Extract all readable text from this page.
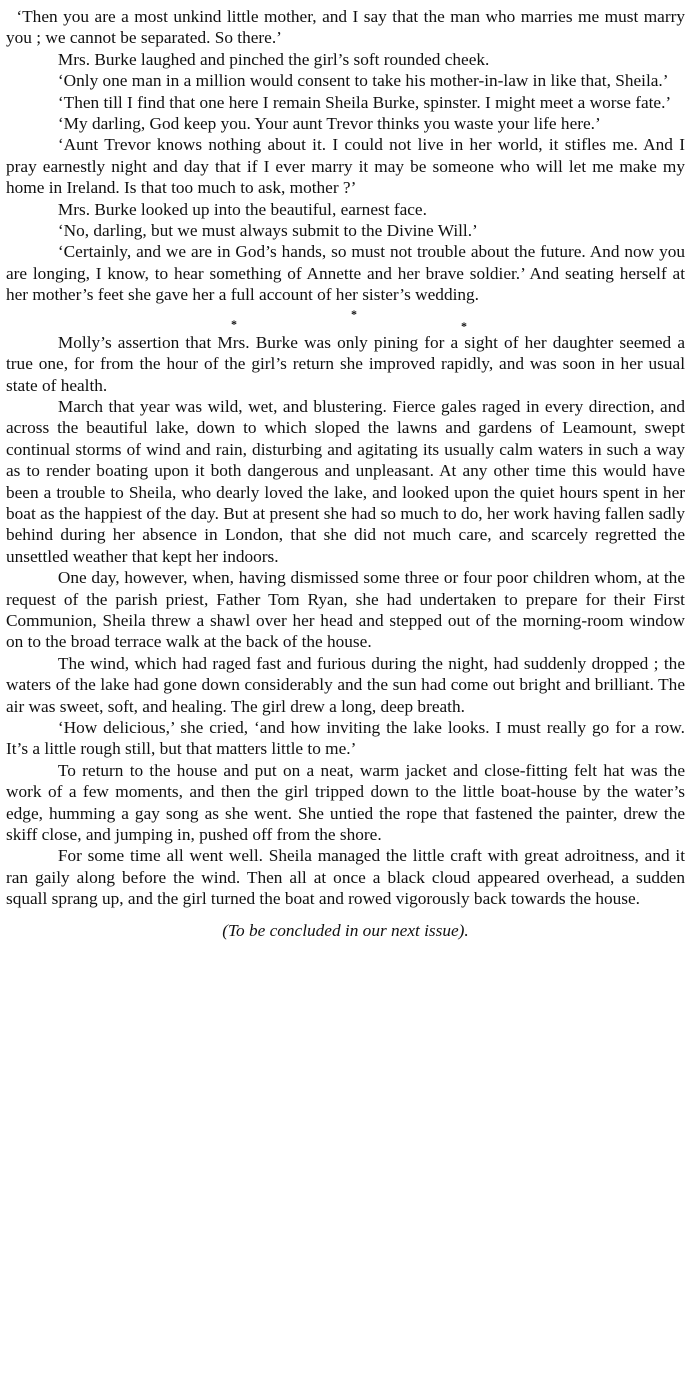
‘Then you are a most unkind little mother, and I say that the man who marries me must marry you ; we cannot be separated. So there.’

Mrs. Burke laughed and pinched the girl’s soft rounded cheek.

‘Only one man in a million would consent to take his mother-in-law in like that, Sheila.’

‘Then till I find that one here I remain Sheila Burke, spinster. I might meet a worse fate.’

‘My darling, God keep you. Your aunt Trevor thinks you waste your life here.’

‘Aunt Trevor knows nothing about it. I could not live in her world, it stifles me. And I pray earnestly night and day that if I ever marry it may be someone who will let me make my home in Ireland. Is that too much to ask, mother ?’

Mrs. Burke looked up into the beautiful, earnest face.

‘No, darling, but we must always submit to the Divine Will.’

‘Certainly, and we are in God’s hands, so must not trouble about the future. And now you are longing, I know, to hear something of Annette and her brave soldier.’ And seating herself at her mother’s feet she gave her a full account of her sister’s wedding.

*
*
*

Molly’s assertion that Mrs. Burke was only pining for a sight of her daughter seemed a true one, for from the hour of the girl’s return she improved rapidly, and was soon in her usual state of health.

March that year was wild, wet, and blustering. Fierce gales raged in every direction, and across the beautiful lake, down to which sloped the lawns and gardens of Leamount, swept continual storms of wind and rain, disturbing and agitating its usually calm waters in such a way as to render boating upon it both dangerous and unpleasant. At any other time this would have been a trouble to Sheila, who dearly loved the lake, and looked upon the quiet hours spent in her boat as the happiest of the day. But at present she had so much to do, her work having fallen sadly behind during her absence in London, that she did not much care, and scarcely regretted the unsettled weather that kept her indoors.

One day, however, when, having dismissed some three or four poor children whom, at the request of the parish priest, Father Tom Ryan, she had undertaken to prepare for their First Communion, Sheila threw a shawl over her head and stepped out of the morning-room window on to the broad terrace walk at the back of the house.

The wind, which had raged fast and furious during the night, had suddenly dropped ; the waters of the lake had gone down considerably and the sun had come out bright and brilliant. The air was sweet, soft, and healing. The girl drew a long, deep breath.

‘How delicious,’ she cried, ‘and how inviting the lake looks. I must really go for a row. It’s a little rough still, but that matters little to me.’

To return to the house and put on a neat, warm jacket and close-fitting felt hat was the work of a few moments, and then the girl tripped down to the little boat-house by the water’s edge, humming a gay song as she went. She untied the rope that fastened the painter, drew the skiff close, and jumping in, pushed off from the shore.

For some time all went well. Sheila managed the little craft with great adroitness, and it ran gaily along before the wind. Then all at once a black cloud appeared overhead, a sudden squall sprang up, and the girl turned the boat and rowed vigorously back towards the house.

(To be concluded in our next issue).
